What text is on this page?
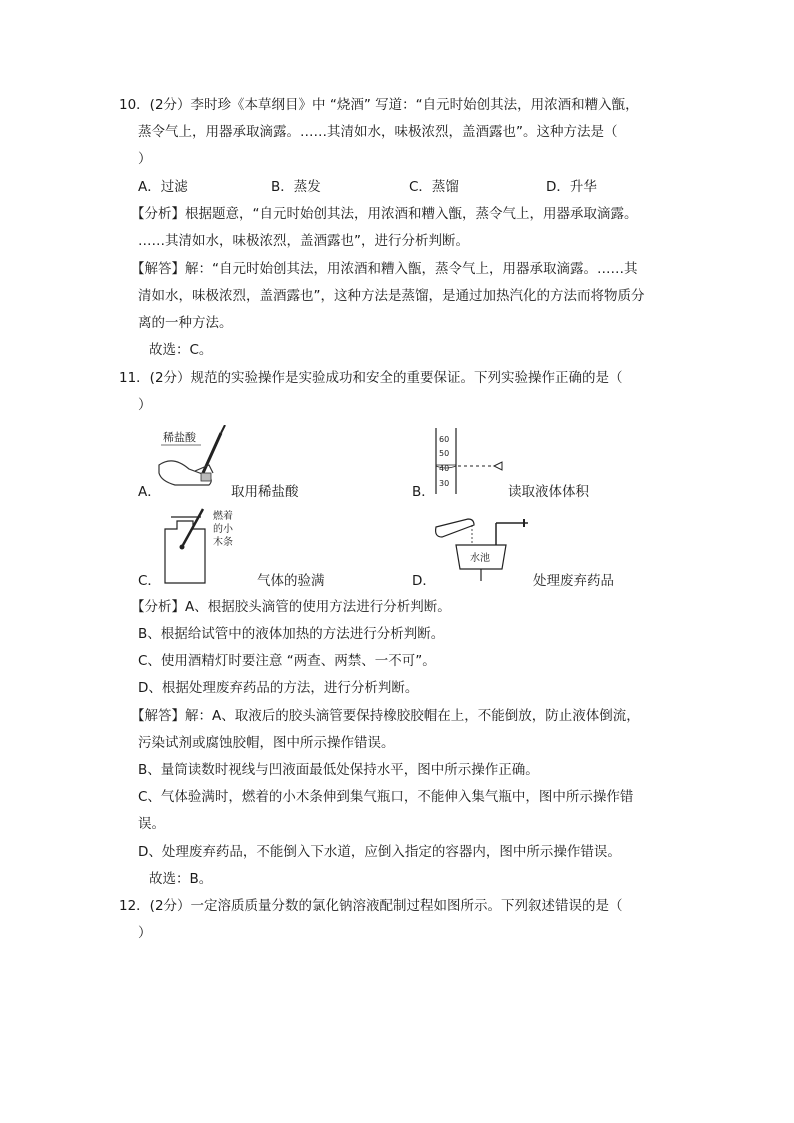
10．(2分）李时珍《本草纲目》中 “烧酒” 写道：“自元时始创其法，用浓酒和糟入甑，
蒸令气上，用器承取滴露。……其清如水，味极浓烈，盖酒露也”。这种方法是（
）
A．过滤	B．蒸发	C．蒸馏	D．升华
【分析】根据题意，“自元时始创其法，用浓酒和糟入甑，蒸令气上，用器承取滴露。
……其清如水，味极浓烈，盖酒露也”，进行分析判断。
【解答】解：“自元时始创其法，用浓酒和糟入甑，蒸令气上，用器承取滴露。……其
清如水，味极浓烈，盖酒露也”，这种方法是蒸馏，是通过加热汽化的方法而将物质分
离的一种方法。
故选：C。
11．(2分）规范的实验操作是实验成功和安全的重要保证。下列实验操作正确的是（
）
A．
稀盐酸
取用稀盐酸	B．
60
50
40
30
读取液体体积
C．
燃着
的小
木条
气体的验满	D．
水池
处理废弃药品
【分析】A、根据胶头滴管的使用方法进行分析判断。
B、根据给试管中的液体加热的方法进行分析判断。
C、使用酒精灯时要注意 “两查、两禁、一不可”。
D、根据处理废弃药品的方法，进行分析判断。
【解答】解：A、取液后的胶头滴管要保持橡胶胶帽在上，不能倒放，防止液体倒流，
污染试剂或腐蚀胶帽，图中所示操作错误。
B、量筒读数时视线与凹液面最低处保持水平，图中所示操作正确。
C、气体验满时，燃着的小木条伸到集气瓶口，不能伸入集气瓶中，图中所示操作错
误。
D、处理废弃药品，不能倒入下水道，应倒入指定的容器内，图中所示操作错误。
故选：B。
12．(2分）一定溶质质量分数的氯化钠溶液配制过程如图所示。下列叙述错误的是（
）
